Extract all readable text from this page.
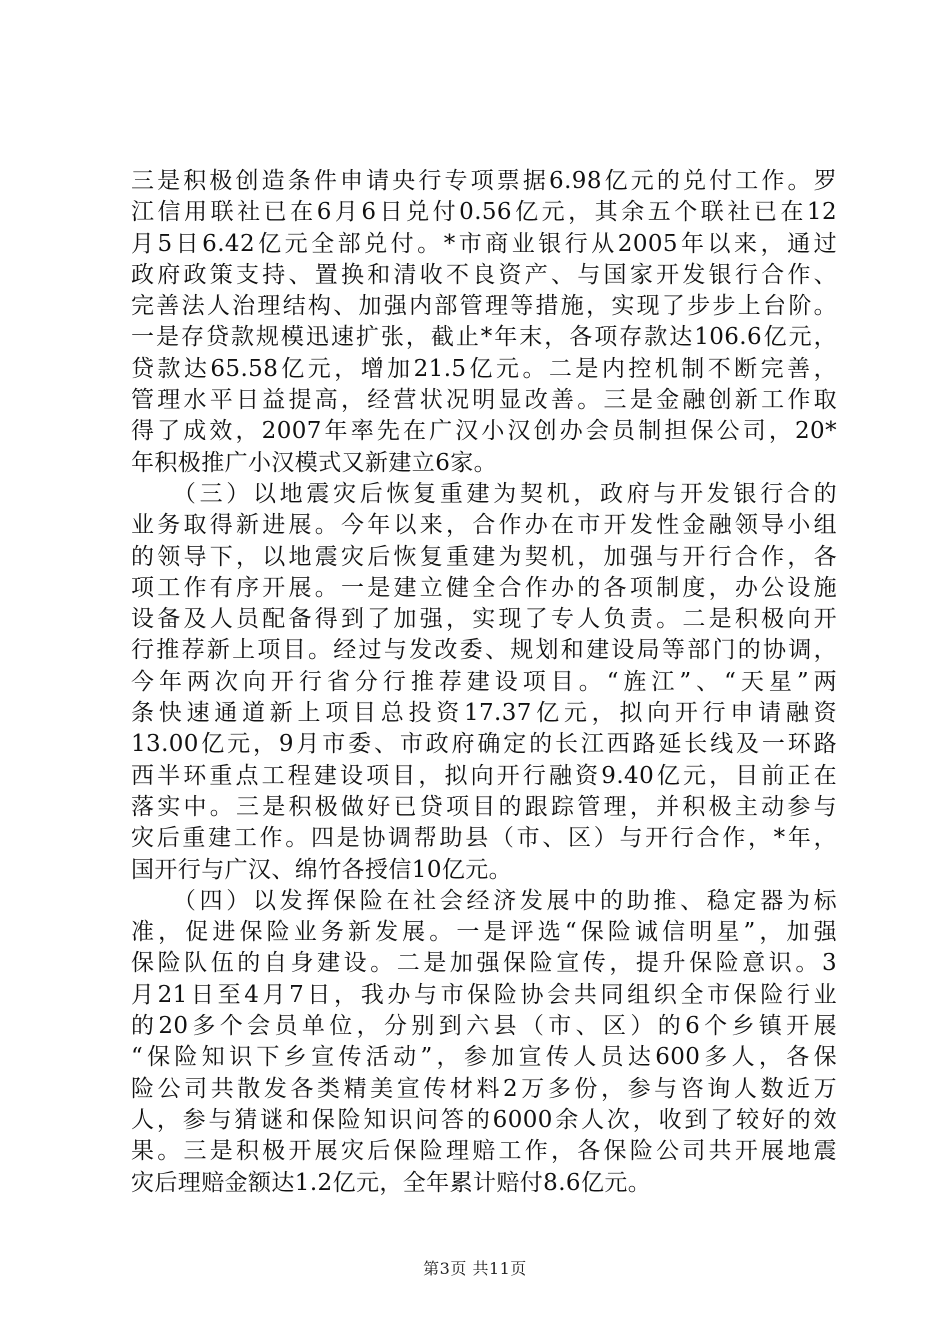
三是积极创造条件申请央行专项票据6.98亿元的兑付工作。罗
江信用联社已在6月6日兑付0.56亿元，其余五个联社已在12
月5日6.42亿元全部兑付。*市商业银行从2005年以来，通过
政府政策支持、置换和清收不良资产、与国家开发银行合作、
完善法人治理结构、加强内部管理等措施，实现了步步上台阶。
一是存贷款规模迅速扩张，截止*年末，各项存款达106.6亿元，
贷款达65.58亿元，增加21.5亿元。二是内控机制不断完善，
管理水平日益提高，经营状况明显改善。三是金融创新工作取
得了成效，2007年率先在广汉小汉创办会员制担保公司，20*
年积极推广小汉模式又新建立6家。
　　（三）以地震灾后恢复重建为契机，政府与开发银行合的
业务取得新进展。今年以来，合作办在市开发性金融领导小组
的领导下，以地震灾后恢复重建为契机，加强与开行合作，各
项工作有序开展。一是建立健全合作办的各项制度，办公设施
设备及人员配备得到了加强，实现了专人负责。二是积极向开
行推荐新上项目。经过与发改委、规划和建设局等部门的协调，
今年两次向开行省分行推荐建设项目。“旌江”、“天星”两
条快速通道新上项目总投资17.37亿元，拟向开行申请融资
13.00亿元，9月市委、市政府确定的长江西路延长线及一环路
西半环重点工程建设项目，拟向开行融资9.40亿元，目前正在
落实中。三是积极做好已贷项目的跟踪管理，并积极主动参与
灾后重建工作。四是协调帮助县（市、区）与开行合作，*年，
国开行与广汉、绵竹各授信10亿元。
　　（四）以发挥保险在社会经济发展中的助推、稳定器为标
准，促进保险业务新发展。一是评选“保险诚信明星”，加强
保险队伍的自身建设。二是加强保险宣传，提升保险意识。3
月21日至4月7日，我办与市保险协会共同组织全市保险行业
的20多个会员单位，分别到六县（市、区）的6个乡镇开展
“保险知识下乡宣传活动”，参加宣传人员达600多人，各保
险公司共散发各类精美宣传材料2万多份，参与咨询人数近万
人，参与猜谜和保险知识问答的6000余人次，收到了较好的效
果。三是积极开展灾后保险理赔工作，各保险公司共开展地震
灾后理赔金额达1.2亿元，全年累计赔付8.6亿元。
第3页 共11页
